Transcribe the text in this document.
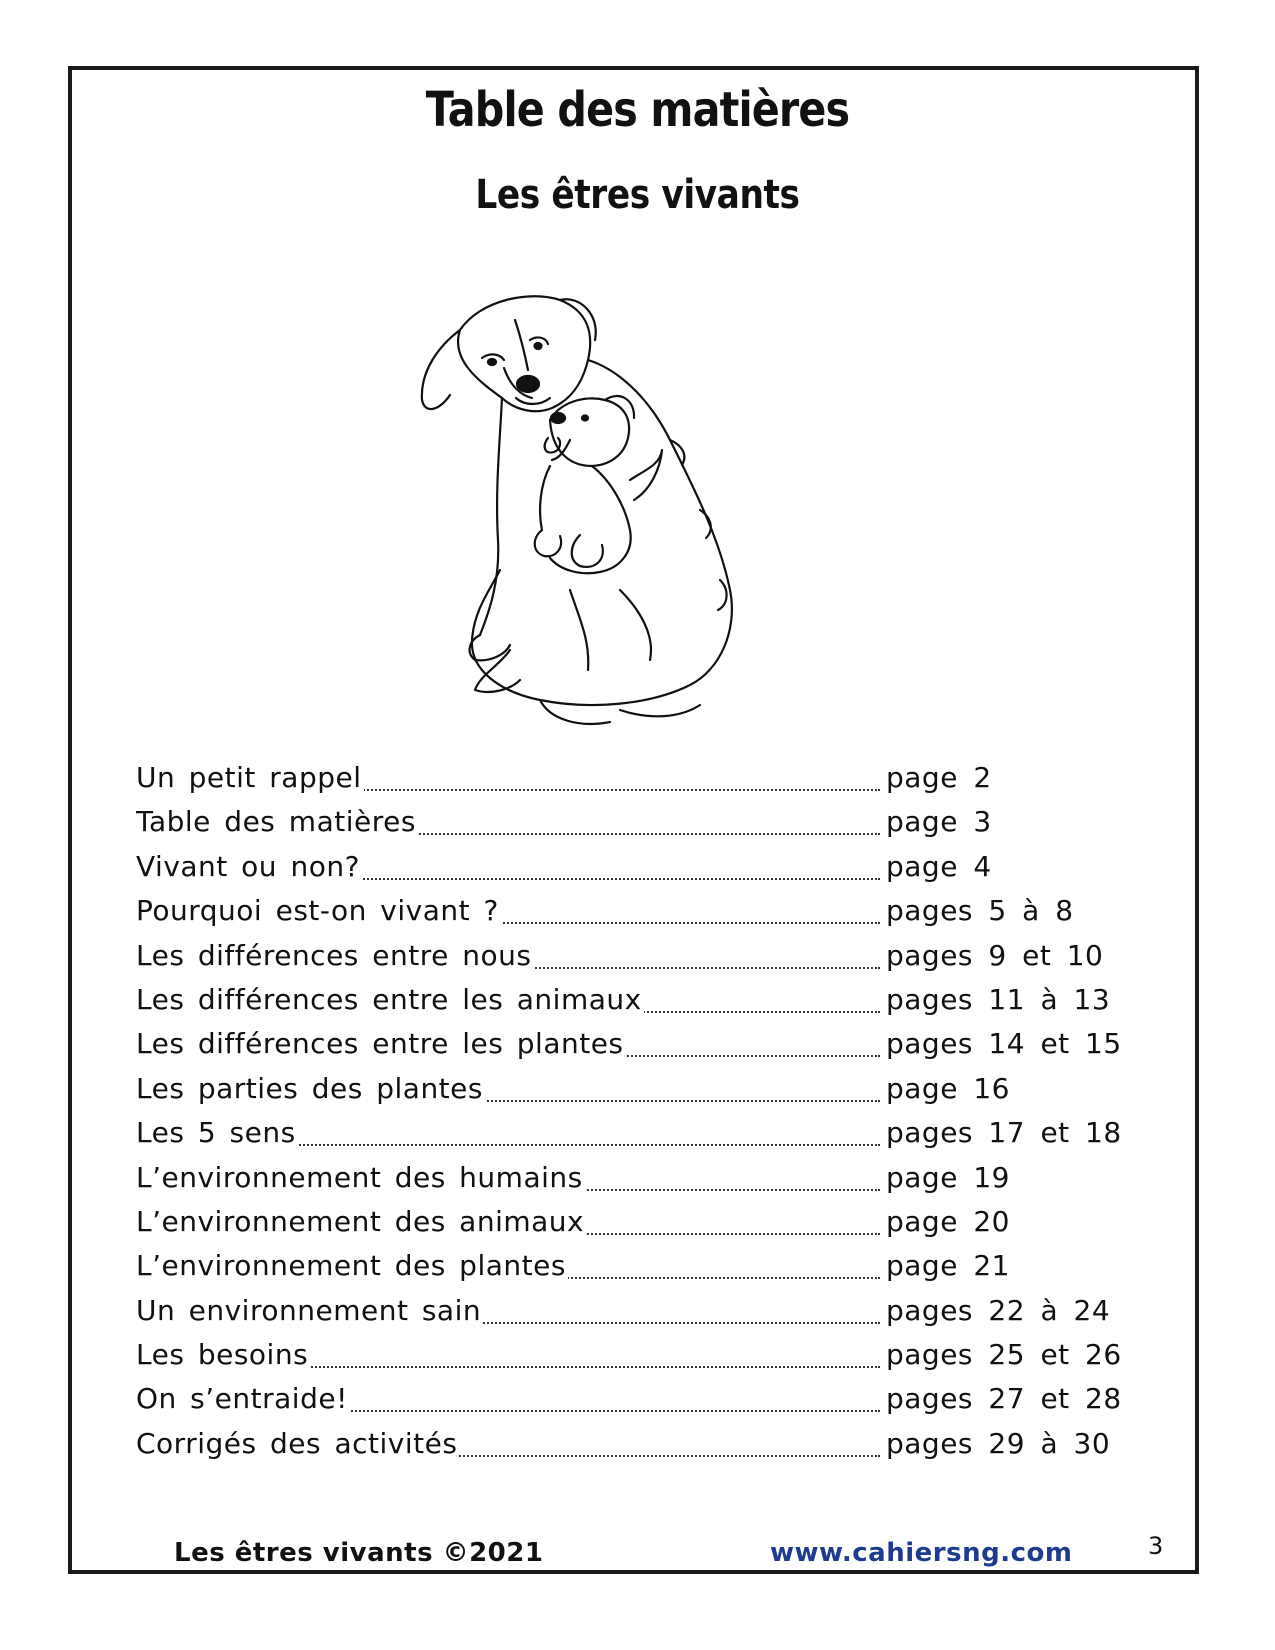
Table des matières
Les êtres vivants
Un petit rappel	page 2
Table des matières	page 3
Vivant ou non?	page 4
Pourquoi est-on vivant ?	pages 5 à 8
Les différences entre nous	pages 9 et 10
Les différences entre les animaux	pages 11 à 13
Les différences entre les plantes	pages 14 et 15
Les parties des plantes	page 16
Les 5 sens	pages 17 et 18
L’environnement des humains	page 19
L’environnement des animaux	page 20
L’environnement des plantes	page 21
Un environnement sain	pages 22 à 24
Les besoins	pages 25 et 26
On s’entraide!	pages 27 et 28
Corrigés des activités	pages 29 à 30
Les êtres vivants ©2021	www.cahiersng.com	3
